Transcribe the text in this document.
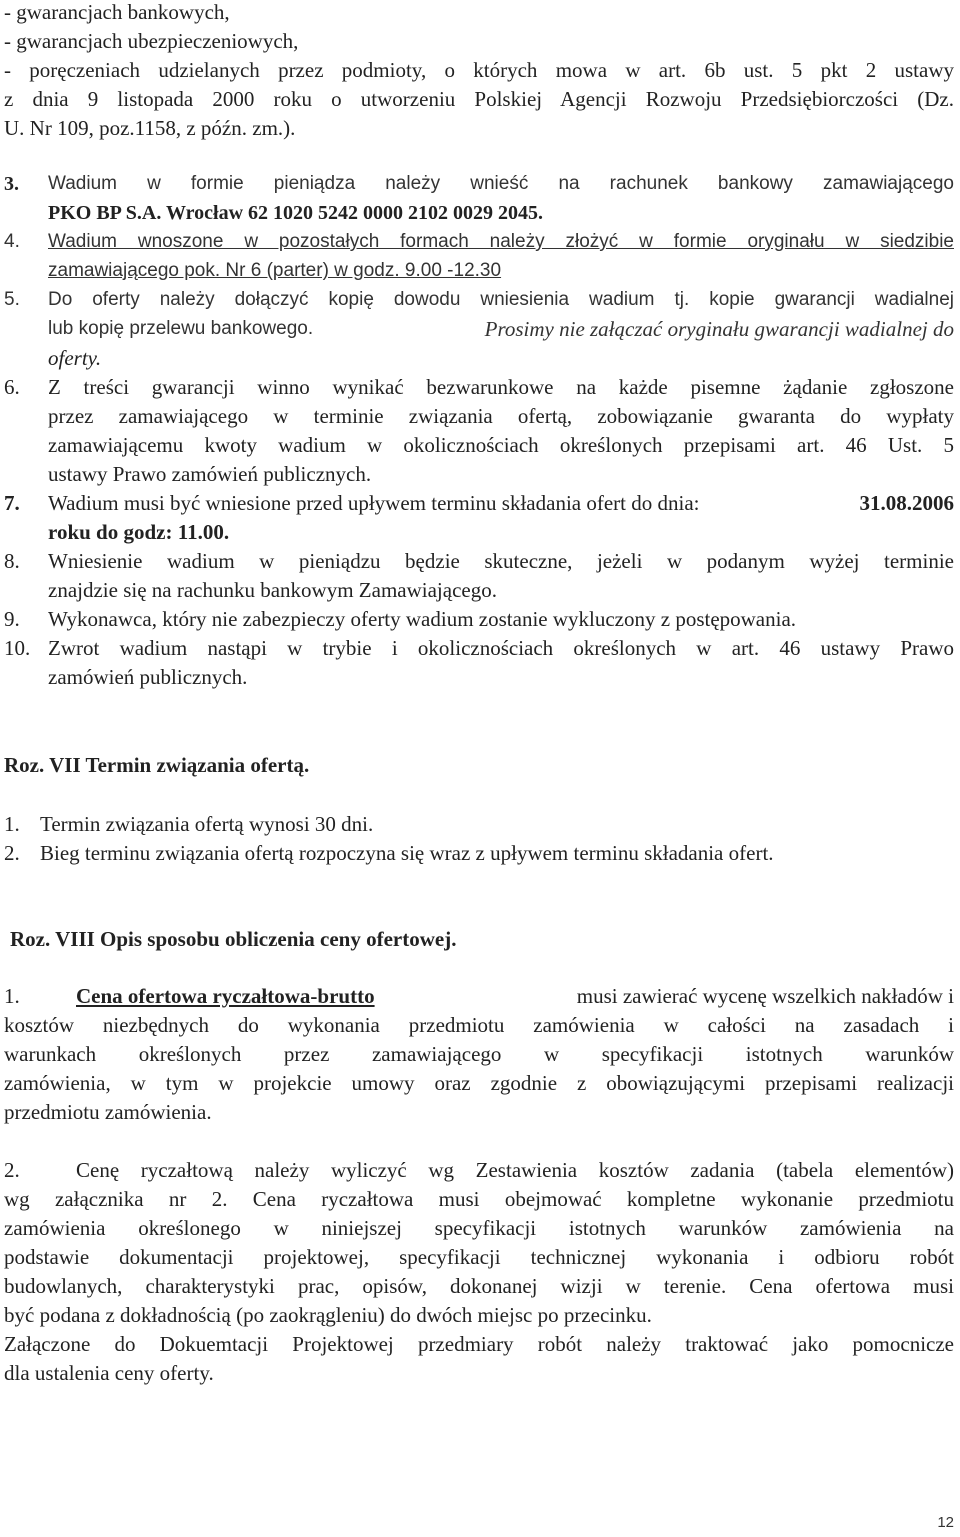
- gwarancjach bankowych,
- gwarancjach ubezpieczeniowych,
- poręczeniach udzielanych przez podmioty, o których mowa w art. 6b ust. 5 pkt 2 ustawy
z dnia 9 listopada 2000 roku o utworzeniu Polskiej Agencji Rozwoju Przedsiębiorczości (Dz.
U. Nr 109, poz.1158, z późn. zm.).
3. Wadium w formie pieniądza należy wnieść na rachunek bankowy zamawiającego
PKO BP S.A. Wrocław 62 1020 5242 0000 2102 0029 2045.
4. Wadium wnoszone w pozostałych formach należy złożyć w formie oryginału w siedzibie
zamawiającego pok. Nr 6 (parter) w godz. 9.00 -12.30
5. Do oferty należy dołączyć kopię dowodu wniesienia wadium tj. kopie gwarancji wadialnej
lub kopię przelewu bankowego.	Prosimy nie załączać oryginału gwarancji wadialnej do
oferty.
6. Z treści gwarancji winno wynikać bezwarunkowe na każde pisemne żądanie zgłoszone
przez zamawiającego w terminie związania ofertą, zobowiązanie gwaranta do wypłaty
zamawiającemu kwoty wadium w okolicznościach określonych przepisami art. 46 Ust. 5
ustawy Prawo zamówień publicznych.
7. Wadium musi być wniesione przed upływem terminu składania ofert do dnia:	31.08.2006
roku do godz: 11.00.
8. Wniesienie wadium w pieniądzu będzie skuteczne, jeżeli w podanym wyżej terminie
znajdzie się na rachunku bankowym Zamawiającego.
9. Wykonawca, który nie zabezpieczy oferty wadium zostanie wykluczony z postępowania.
10. Zwrot wadium nastąpi w trybie i okolicznościach określonych w art. 46 ustawy Prawo
zamówień publicznych.
Roz. VII Termin związania ofertą.
1. Termin związania ofertą wynosi 30 dni.
2. Bieg terminu związania ofertą rozpoczyna się wraz z upływem terminu składania ofert.
Roz. VIII Opis sposobu obliczenia ceny ofertowej.
1.	Cena ofertowa ryczałtowa-brutto	musi zawierać wycenę wszelkich nakładów i
kosztów niezbędnych do wykonania przedmiotu zamówienia w całości na zasadach i
warunkach określonych przez zamawiającego w specyfikacji istotnych warunków
zamówienia, w tym w projekcie umowy oraz zgodnie z obowiązującymi przepisami realizacji
przedmiotu zamówienia.
2.	Cenę ryczałtową należy wyliczyć wg Zestawienia kosztów zadania (tabela elementów)
wg załącznika nr 2. Cena ryczałtowa musi obejmować kompletne wykonanie przedmiotu
zamówienia określonego w niniejszej specyfikacji istotnych warunków zamówienia na
podstawie dokumentacji projektowej, specyfikacji technicznej wykonania i odbioru robót
budowlanych, charakterystyki prac, opisów, dokonanej wizji w terenie. Cena ofertowa musi
być podana z dokładnością (po zaokrągleniu) do dwóch miejsc po przecinku.
Załączone do Dokuemtacji Projektowej przedmiary robót należy traktować jako pomocnicze
dla ustalenia ceny oferty.
12
